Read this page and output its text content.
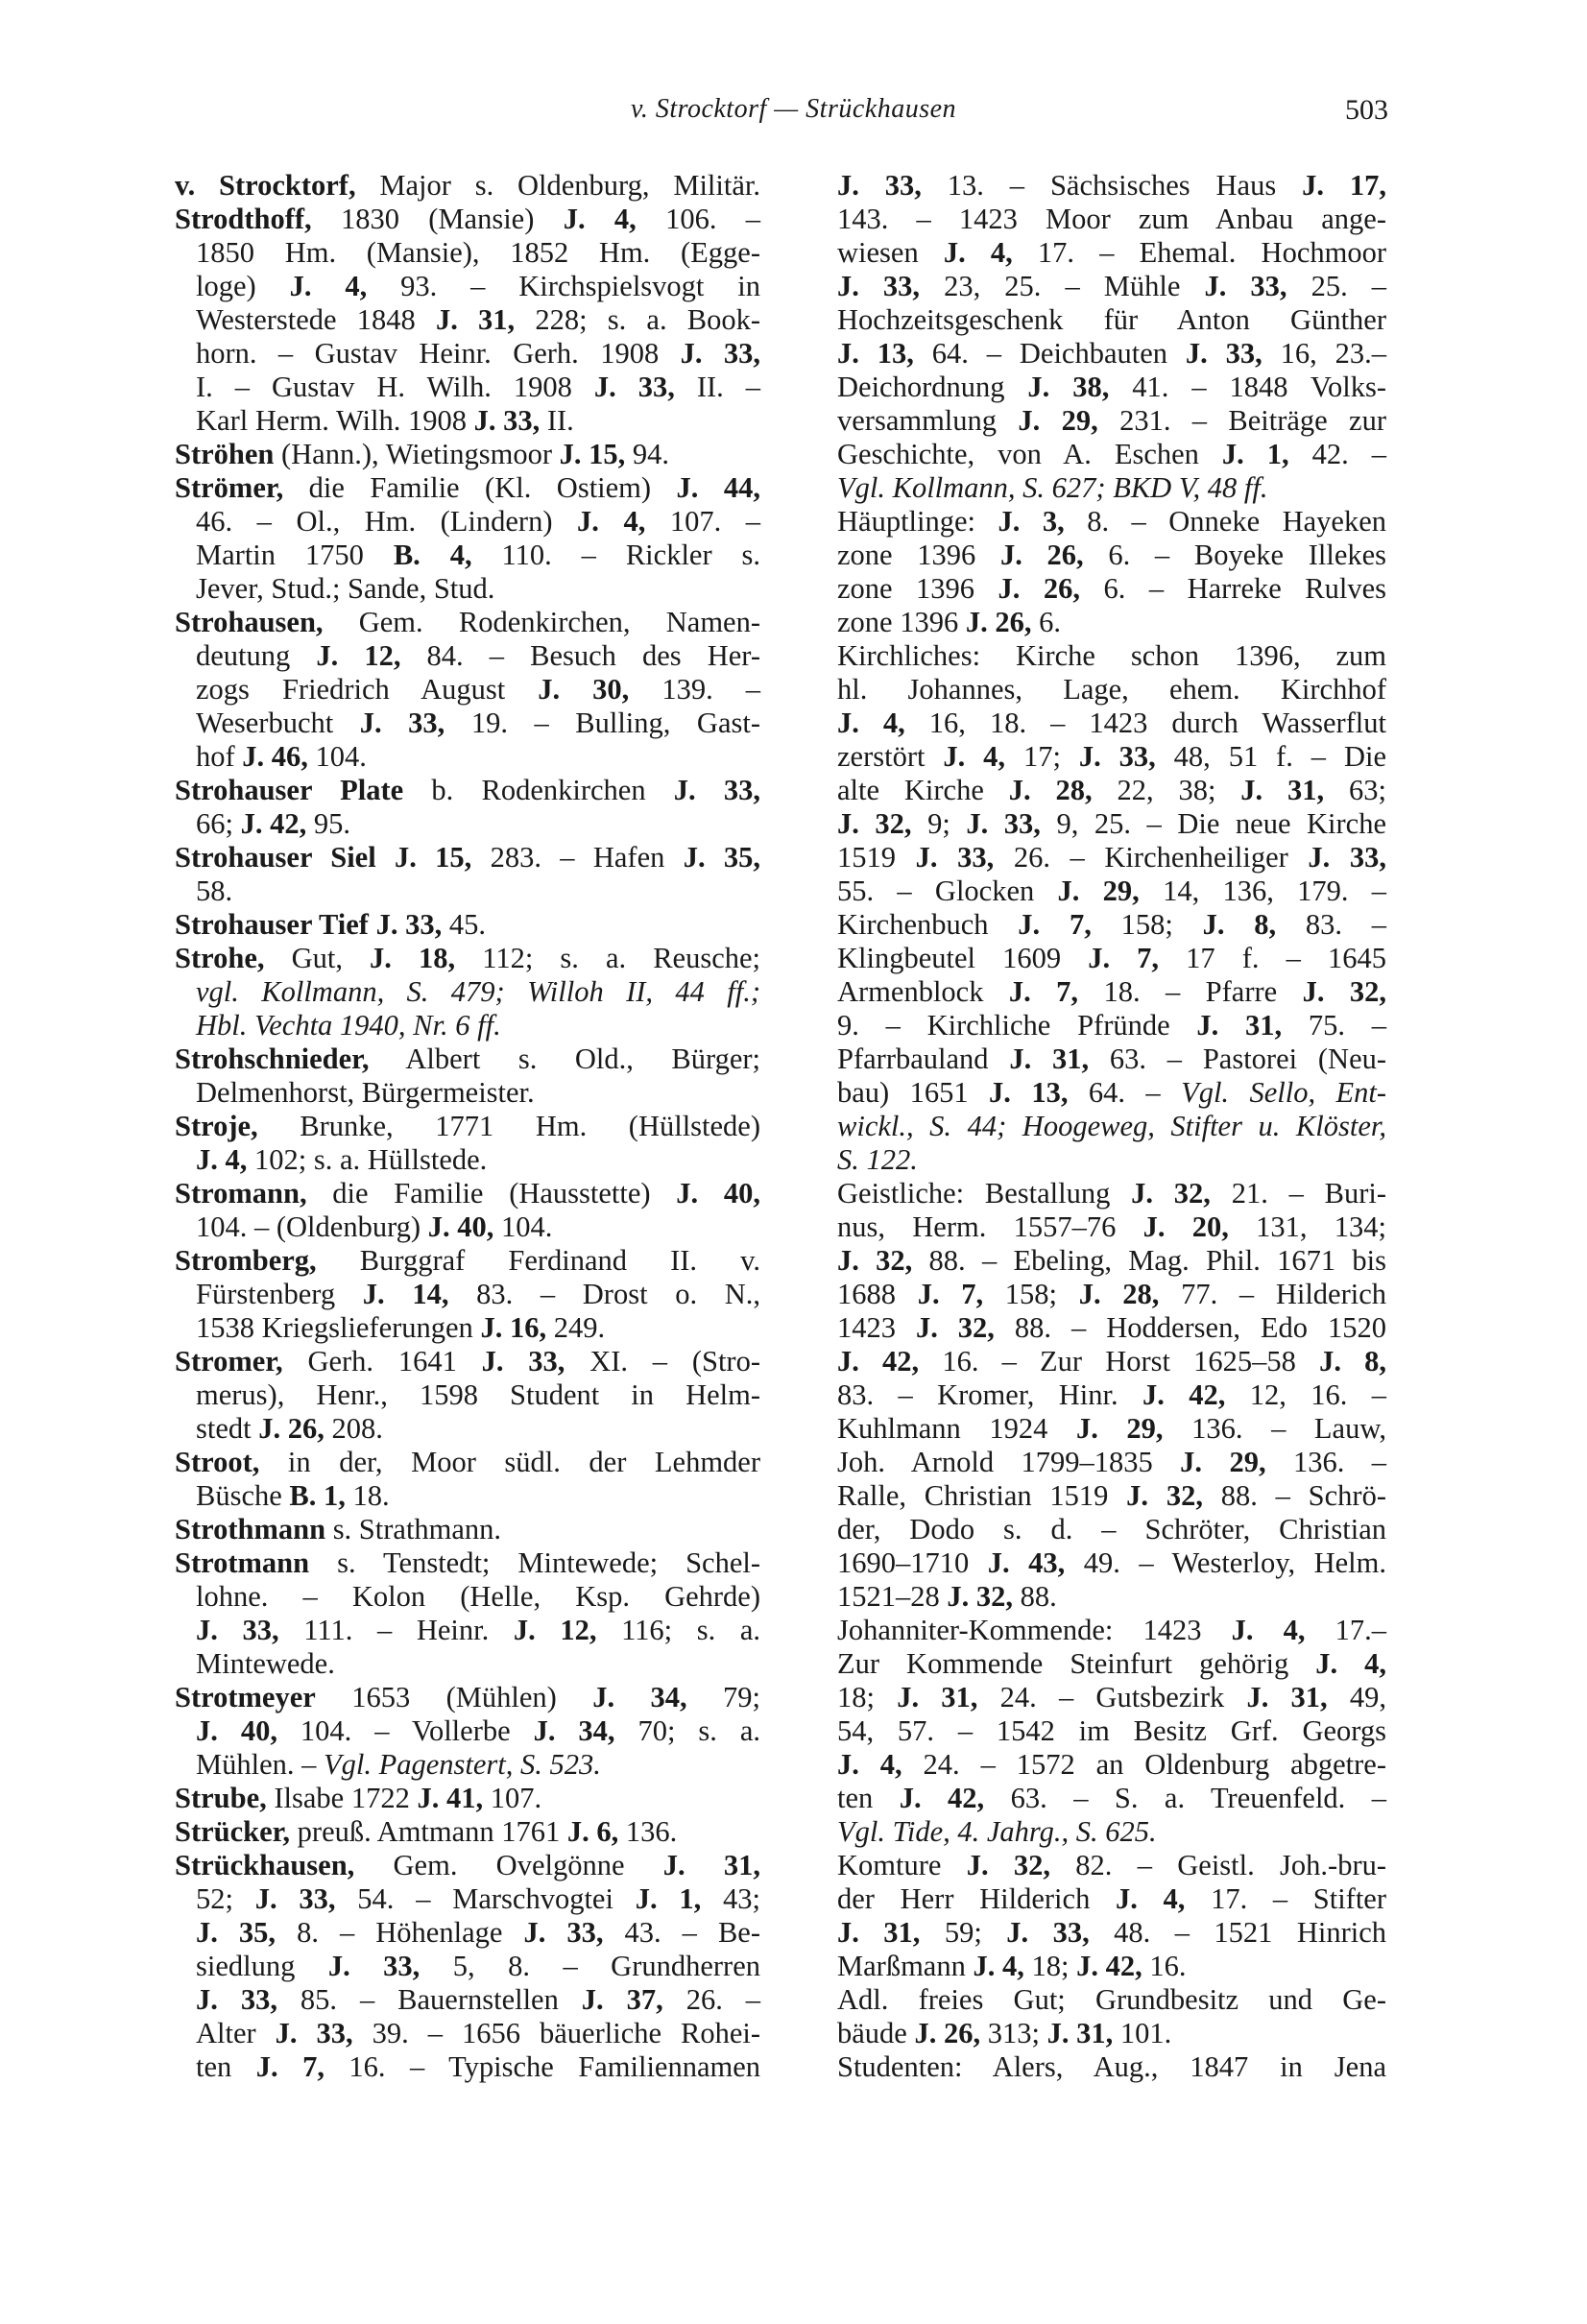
v. Strocktorf — Strückhausen	503
v. Strocktorf, Major s. Oldenburg, Militär.
Strodthoff, 1830 (Mansie) J. 4, 106. –
1850 Hm. (Mansie), 1852 Hm. (Egge-
loge) J. 4, 93. – Kirchspielsvogt in
Westerstede 1848 J. 31, 228; s. a. Book-
horn. – Gustav Heinr. Gerh. 1908 J. 33,
I. – Gustav H. Wilh. 1908 J. 33, II. –
Karl Herm. Wilh. 1908 J. 33, II.
Ströhen (Hann.), Wietingsmoor J. 15, 94.
Strömer, die Familie (Kl. Ostiem) J. 44,
46. – Ol., Hm. (Lindern) J. 4, 107. –
Martin 1750 B. 4, 110. – Rickler s.
Jever, Stud.; Sande, Stud.
Strohausen, Gem. Rodenkirchen, Namen-
deutung J. 12, 84. – Besuch des Her-
zogs Friedrich August J. 30, 139. –
Weserbucht J. 33, 19. – Bulling, Gast-
hof J. 46, 104.
Strohauser Plate b. Rodenkirchen J. 33,
66; J. 42, 95.
Strohauser Siel J. 15, 283. – Hafen J. 35,
58.
Strohauser Tief J. 33, 45.
Strohe, Gut, J. 18, 112; s. a. Reusche;
vgl. Kollmann, S. 479; Willoh II, 44 ff.;
Hbl. Vechta 1940, Nr. 6 ff.
Strohschnieder, Albert s. Old., Bürger;
Delmenhorst, Bürgermeister.
Stroje, Brunke, 1771 Hm. (Hüllstede)
J. 4, 102; s. a. Hüllstede.
Stromann, die Familie (Hausstette) J. 40,
104. – (Oldenburg) J. 40, 104.
Stromberg, Burggraf Ferdinand II. v.
Fürstenberg J. 14, 83. – Drost o. N.,
1538 Kriegslieferungen J. 16, 249.
Stromer, Gerh. 1641 J. 33, XI. – (Stro-
merus), Henr., 1598 Student in Helm-
stedt J. 26, 208.
Stroot, in der, Moor südl. der Lehmder
Büsche B. 1, 18.
Strothmann s. Strathmann.
Strotmann s. Tenstedt; Mintewede; Schel-
lohne. – Kolon (Helle, Ksp. Gehrde)
J. 33, 111. – Heinr. J. 12, 116; s. a.
Mintewede.
Strotmeyer 1653 (Mühlen) J. 34, 79;
J. 40, 104. – Vollerbe J. 34, 70; s. a.
Mühlen. – Vgl. Pagenstert, S. 523.
Strube, Ilsabe 1722 J. 41, 107.
Strücker, preuß. Amtmann 1761 J. 6, 136.
Strückhausen, Gem. Ovelgönne J. 31,
52; J. 33, 54. – Marschvogtei J. 1, 43;
J. 35, 8. – Höhenlage J. 33, 43. – Be-
siedlung J. 33, 5, 8. – Grundherren
J. 33, 85. – Bauernstellen J. 37, 26. –
Alter J. 33, 39. – 1656 bäuerliche Rohei-
ten J. 7, 16. – Typische Familiennamen
J. 33, 13. – Sächsisches Haus J. 17,
143. – 1423 Moor zum Anbau ange-
wiesen J. 4, 17. – Ehemal. Hochmoor
J. 33, 23, 25. – Mühle J. 33, 25. –
Hochzeitsgeschenk für Anton Günther
J. 13, 64. – Deichbauten J. 33, 16, 23.–
Deichordnung J. 38, 41. – 1848 Volks-
versammlung J. 29, 231. – Beiträge zur
Geschichte, von A. Eschen J. 1, 42. –
Vgl. Kollmann, S. 627; BKD V, 48 ff.
Häuptlinge: J. 3, 8. – Onneke Hayeken
zone 1396 J. 26, 6. – Boyeke Illekes
zone 1396 J. 26, 6. – Harreke Rulves
zone 1396 J. 26, 6.
Kirchliches: Kirche schon 1396, zum
hl. Johannes, Lage, ehem. Kirchhof
J. 4, 16, 18. – 1423 durch Wasserflut
zerstört J. 4, 17; J. 33, 48, 51 f. – Die
alte Kirche J. 28, 22, 38; J. 31, 63;
J. 32, 9; J. 33, 9, 25. – Die neue Kirche
1519 J. 33, 26. – Kirchenheiliger J. 33,
55. – Glocken J. 29, 14, 136, 179. –
Kirchenbuch J. 7, 158; J. 8, 83. –
Klingbeutel 1609 J. 7, 17 f. – 1645
Armenblock J. 7, 18. – Pfarre J. 32,
9. – Kirchliche Pfründe J. 31, 75. –
Pfarrbauland J. 31, 63. – Pastorei (Neu-
bau) 1651 J. 13, 64. – Vgl. Sello, Ent-
wickl., S. 44; Hoogeweg, Stifter u. Klöster,
S. 122.
Geistliche: Bestallung J. 32, 21. – Buri-
nus, Herm. 1557–76 J. 20, 131, 134;
J. 32, 88. – Ebeling, Mag. Phil. 1671 bis
1688 J. 7, 158; J. 28, 77. – Hilderich
1423 J. 32, 88. – Hoddersen, Edo 1520
J. 42, 16. – Zur Horst 1625–58 J. 8,
83. – Kromer, Hinr. J. 42, 12, 16. –
Kuhlmann 1924 J. 29, 136. – Lauw,
Joh. Arnold 1799–1835 J. 29, 136. –
Ralle, Christian 1519 J. 32, 88. – Schrö-
der, Dodo s. d. – Schröter, Christian
1690–1710 J. 43, 49. – Westerloy, Helm.
1521–28 J. 32, 88.
Johanniter-Kommende: 1423 J. 4, 17.–
Zur Kommende Steinfurt gehörig J. 4,
18; J. 31, 24. – Gutsbezirk J. 31, 49,
54, 57. – 1542 im Besitz Grf. Georgs
J. 4, 24. – 1572 an Oldenburg abgetre-
ten J. 42, 63. – S. a. Treuenfeld. –
Vgl. Tide, 4. Jahrg., S. 625.
Komture J. 32, 82. – Geistl. Joh.-bru-
der Herr Hilderich J. 4, 17. – Stifter
J. 31, 59; J. 33, 48. – 1521 Hinrich
Marßmann J. 4, 18; J. 42, 16.
Adl. freies Gut; Grundbesitz und Ge-
bäude J. 26, 313; J. 31, 101.
Studenten: Alers, Aug., 1847 in Jena
